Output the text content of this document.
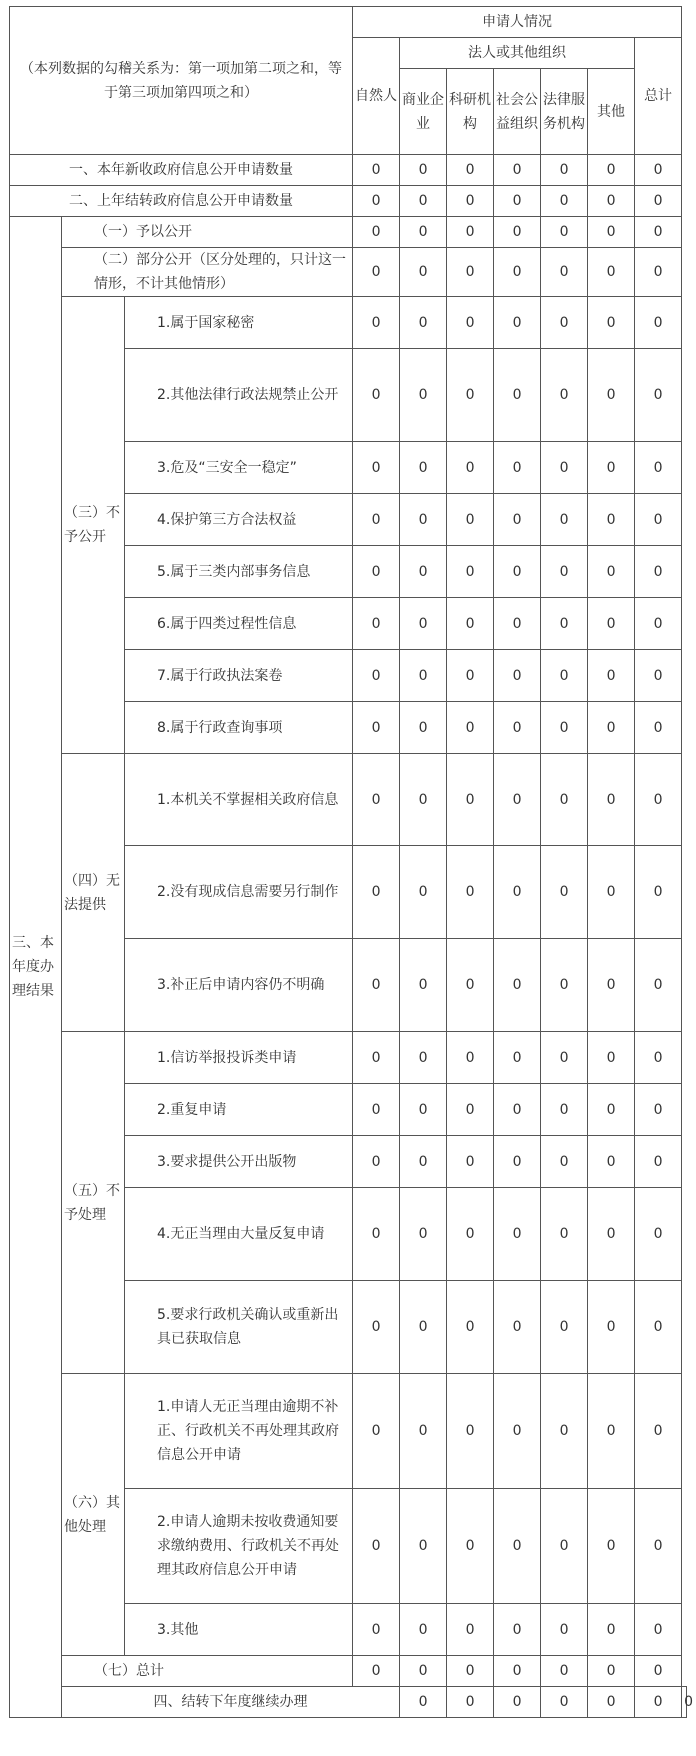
（本列数据的勾稽关系为：第一项加第二项之和，等于第三项加第四项之和）			申请人情况							
			自然人	法人或其他组织					总计	
				商业企业	科研机构	社会公益组织	法律服务机构	其他		
一、本年新收政府信息公开申请数量			0	0	0	0	0	0	0	
二、上年结转政府信息公开申请数量			0	0	0	0	0	0	0	
三、本年度办理结果	（一）予以公开		0	0	0	0	0	0	0	
	（二）部分公开（区分处理的，只计这一情形，不计其他情形）		0	0	0	0	0	0	0	
	（三）不予公开	1.属于国家秘密	0	0	0	0	0	0	0	
		2.其他法律行政法规禁止公开	0	0	0	0	0	0	0	
		3.危及“三安全一稳定”	0	0	0	0	0	0	0	
		4.保护第三方合法权益	0	0	0	0	0	0	0	
		5.属于三类内部事务信息	0	0	0	0	0	0	0	
		6.属于四类过程性信息	0	0	0	0	0	0	0	
		7.属于行政执法案卷	0	0	0	0	0	0	0	
		8.属于行政查询事项	0	0	0	0	0	0	0	
	（四）无法提供	1.本机关不掌握相关政府信息	0	0	0	0	0	0	0	
		2.没有现成信息需要另行制作	0	0	0	0	0	0	0	
		3.补正后申请内容仍不明确	0	0	0	0	0	0	0	
	（五）不予处理	1.信访举报投诉类申请	0	0	0	0	0	0	0	
		2.重复申请	0	0	0	0	0	0	0	
		3.要求提供公开出版物	0	0	0	0	0	0	0	
		4.无正当理由大量反复申请	0	0	0	0	0	0	0	
		5.要求行政机关确认或重新出具已获取信息	0	0	0	0	0	0	0	
	（六）其他处理	1.申请人无正当理由逾期不补正、行政机关不再处理其政府信息公开申请	0	0	0	0	0	0	0	
		2.申请人逾期未按收费通知要求缴纳费用、行政机关不再处理其政府信息公开申请	0	0	0	0	0	0	0	
		3.其他	0	0	0	0	0	0	0	
	（七）总计		0	0	0	0	0	0	0	
	四、结转下年度继续办理			0	0	0	0	0	0	0
